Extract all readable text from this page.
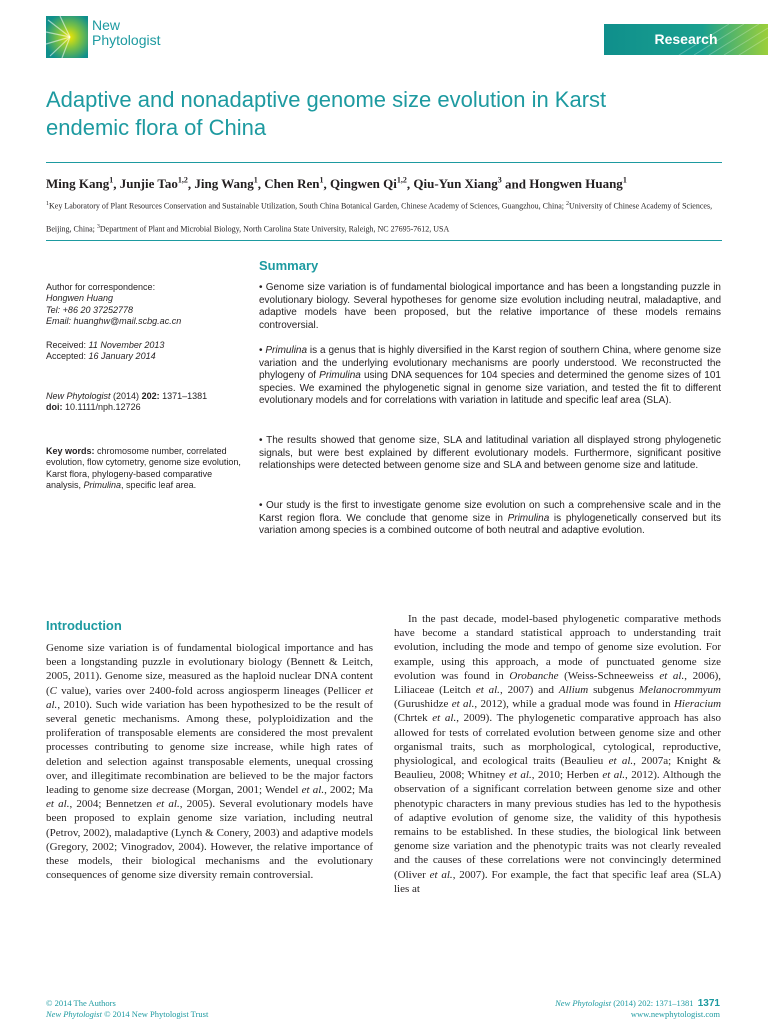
New
Phytologist	Research
Adaptive and nonadaptive genome size evolution in Karst endemic flora of China
Ming Kang$^1$, Junjie Tao$^{1,2}$, Jing Wang$^1$, Chen Ren$^1$, Qingwen Qi$^{1,2}$, Qiu-Yun Xiang$^3$ and Hongwen Huang$^1$
$^1$Key Laboratory of Plant Resources Conservation and Sustainable Utilization, South China Botanical Garden, Chinese Academy of Sciences, Guangzhou, China; $^2$University of Chinese Academy of Sciences, Beijing, China; $^3$Department of Plant and Microbial Biology, North Carolina State University, Raleigh, NC 27695-7612, USA
Author for correspondence:
Hongwen Huang
Tel: +86 20 37252778
Email: huanghw@mail.scbg.ac.cn
Received: 11 November 2013
Accepted: 16 January 2014
New Phytologist (2014) 202: 1371–1381
doi: 10.1111/nph.12726
Key words: chromosome number, correlated evolution, flow cytometry, genome size evolution, Karst flora, phylogeny-based comparative analysis, Primulina, specific leaf area.
Summary
• Genome size variation is of fundamental biological importance and has been a longstanding puzzle in evolutionary biology. Several hypotheses for genome size evolution including neutral, maladaptive, and adaptive models have been proposed, but the relative importance of these models remains controversial.
• Primulina is a genus that is highly diversified in the Karst region of southern China, where genome size variation and the underlying evolutionary mechanisms are poorly understood. We reconstructed the phylogeny of Primulina using DNA sequences for 104 species and determined the genome sizes of 101 species. We examined the phylogenetic signal in genome size variation, and tested the fit to different evolutionary models and for correlations with variation in latitude and specific leaf area (SLA).
• The results showed that genome size, SLA and latitudinal variation all displayed strong phylogenetic signals, but were best explained by different evolutionary models. Furthermore, significant positive relationships were detected between genome size and SLA and between genome size and latitude.
• Our study is the first to investigate genome size evolution on such a comprehensive scale and in the Karst region flora. We conclude that genome size in Primulina is phylogenetically conserved but its variation among species is a combined outcome of both neutral and adaptive evolution.
Introduction
Genome size variation is of fundamental biological importance and has been a longstanding puzzle in evolutionary biology (Bennett & Leitch, 2005, 2011). Genome size, measured as the haploid nuclear DNA content (C value), varies over 2400-fold across angiosperm lineages (Pellicer et al., 2010). Such wide variation has been hypothesized to be the result of several genetic mechanisms. Among these, polyploidization and the proliferation of transposable elements are considered the most prevalent processes contributing to genome size increase, while high rates of deletion and selection against transposable elements, unequal crossing over, and illegitimate recombination are believed to be the major factors leading to genome size decrease (Morgan, 2001; Wendel et al., 2002; Ma et al., 2004; Bennetzen et al., 2005). Several evolutionary models have been proposed to explain genome size variation, including neutral (Petrov, 2002), maladaptive (Lynch & Conery, 2003) and adaptive models (Gregory, 2002; Vinogradov, 2004). However, the relative importance of these models, their biological mechanisms and the evolutionary consequences of genome size diversity remain controversial.
In the past decade, model-based phylogenetic comparative methods have become a standard statistical approach to understanding trait evolution, including the mode and tempo of genome size evolution. For example, using this approach, a mode of punctuated genome size evolution was found in Orobanche (Weiss-Schneeweiss et al., 2006), Liliaceae (Leitch et al., 2007) and Allium subgenus Melanocrommyum (Gurushidze et al., 2012), while a gradual mode was found in Hieracium (Chrtek et al., 2009). The phylogenetic comparative approach has also allowed for tests of correlated evolution between genome size and other organismal traits, such as morphological, cytological, reproductive, physiological, and ecological traits (Beaulieu et al., 2007a; Knight & Beaulieu, 2008; Whitney et al., 2010; Herben et al., 2012). Although the observation of a significant correlation between genome size and other phenotypic characters in many previous studies has led to the hypothesis of adaptive evolution of genome size, the validity of this hypothesis remains to be established. In these studies, the biological link between genome size variation and the phenotypic traits was not clearly revealed and the causes of these correlations were not convincingly determined (Oliver et al., 2007). For example, the fact that specific leaf area (SLA) lies at
© 2014 The Authors
New Phytologist © 2014 New Phytologist Trust
New Phytologist (2014) 202: 1371–1381 1371
www.newphytologist.com
